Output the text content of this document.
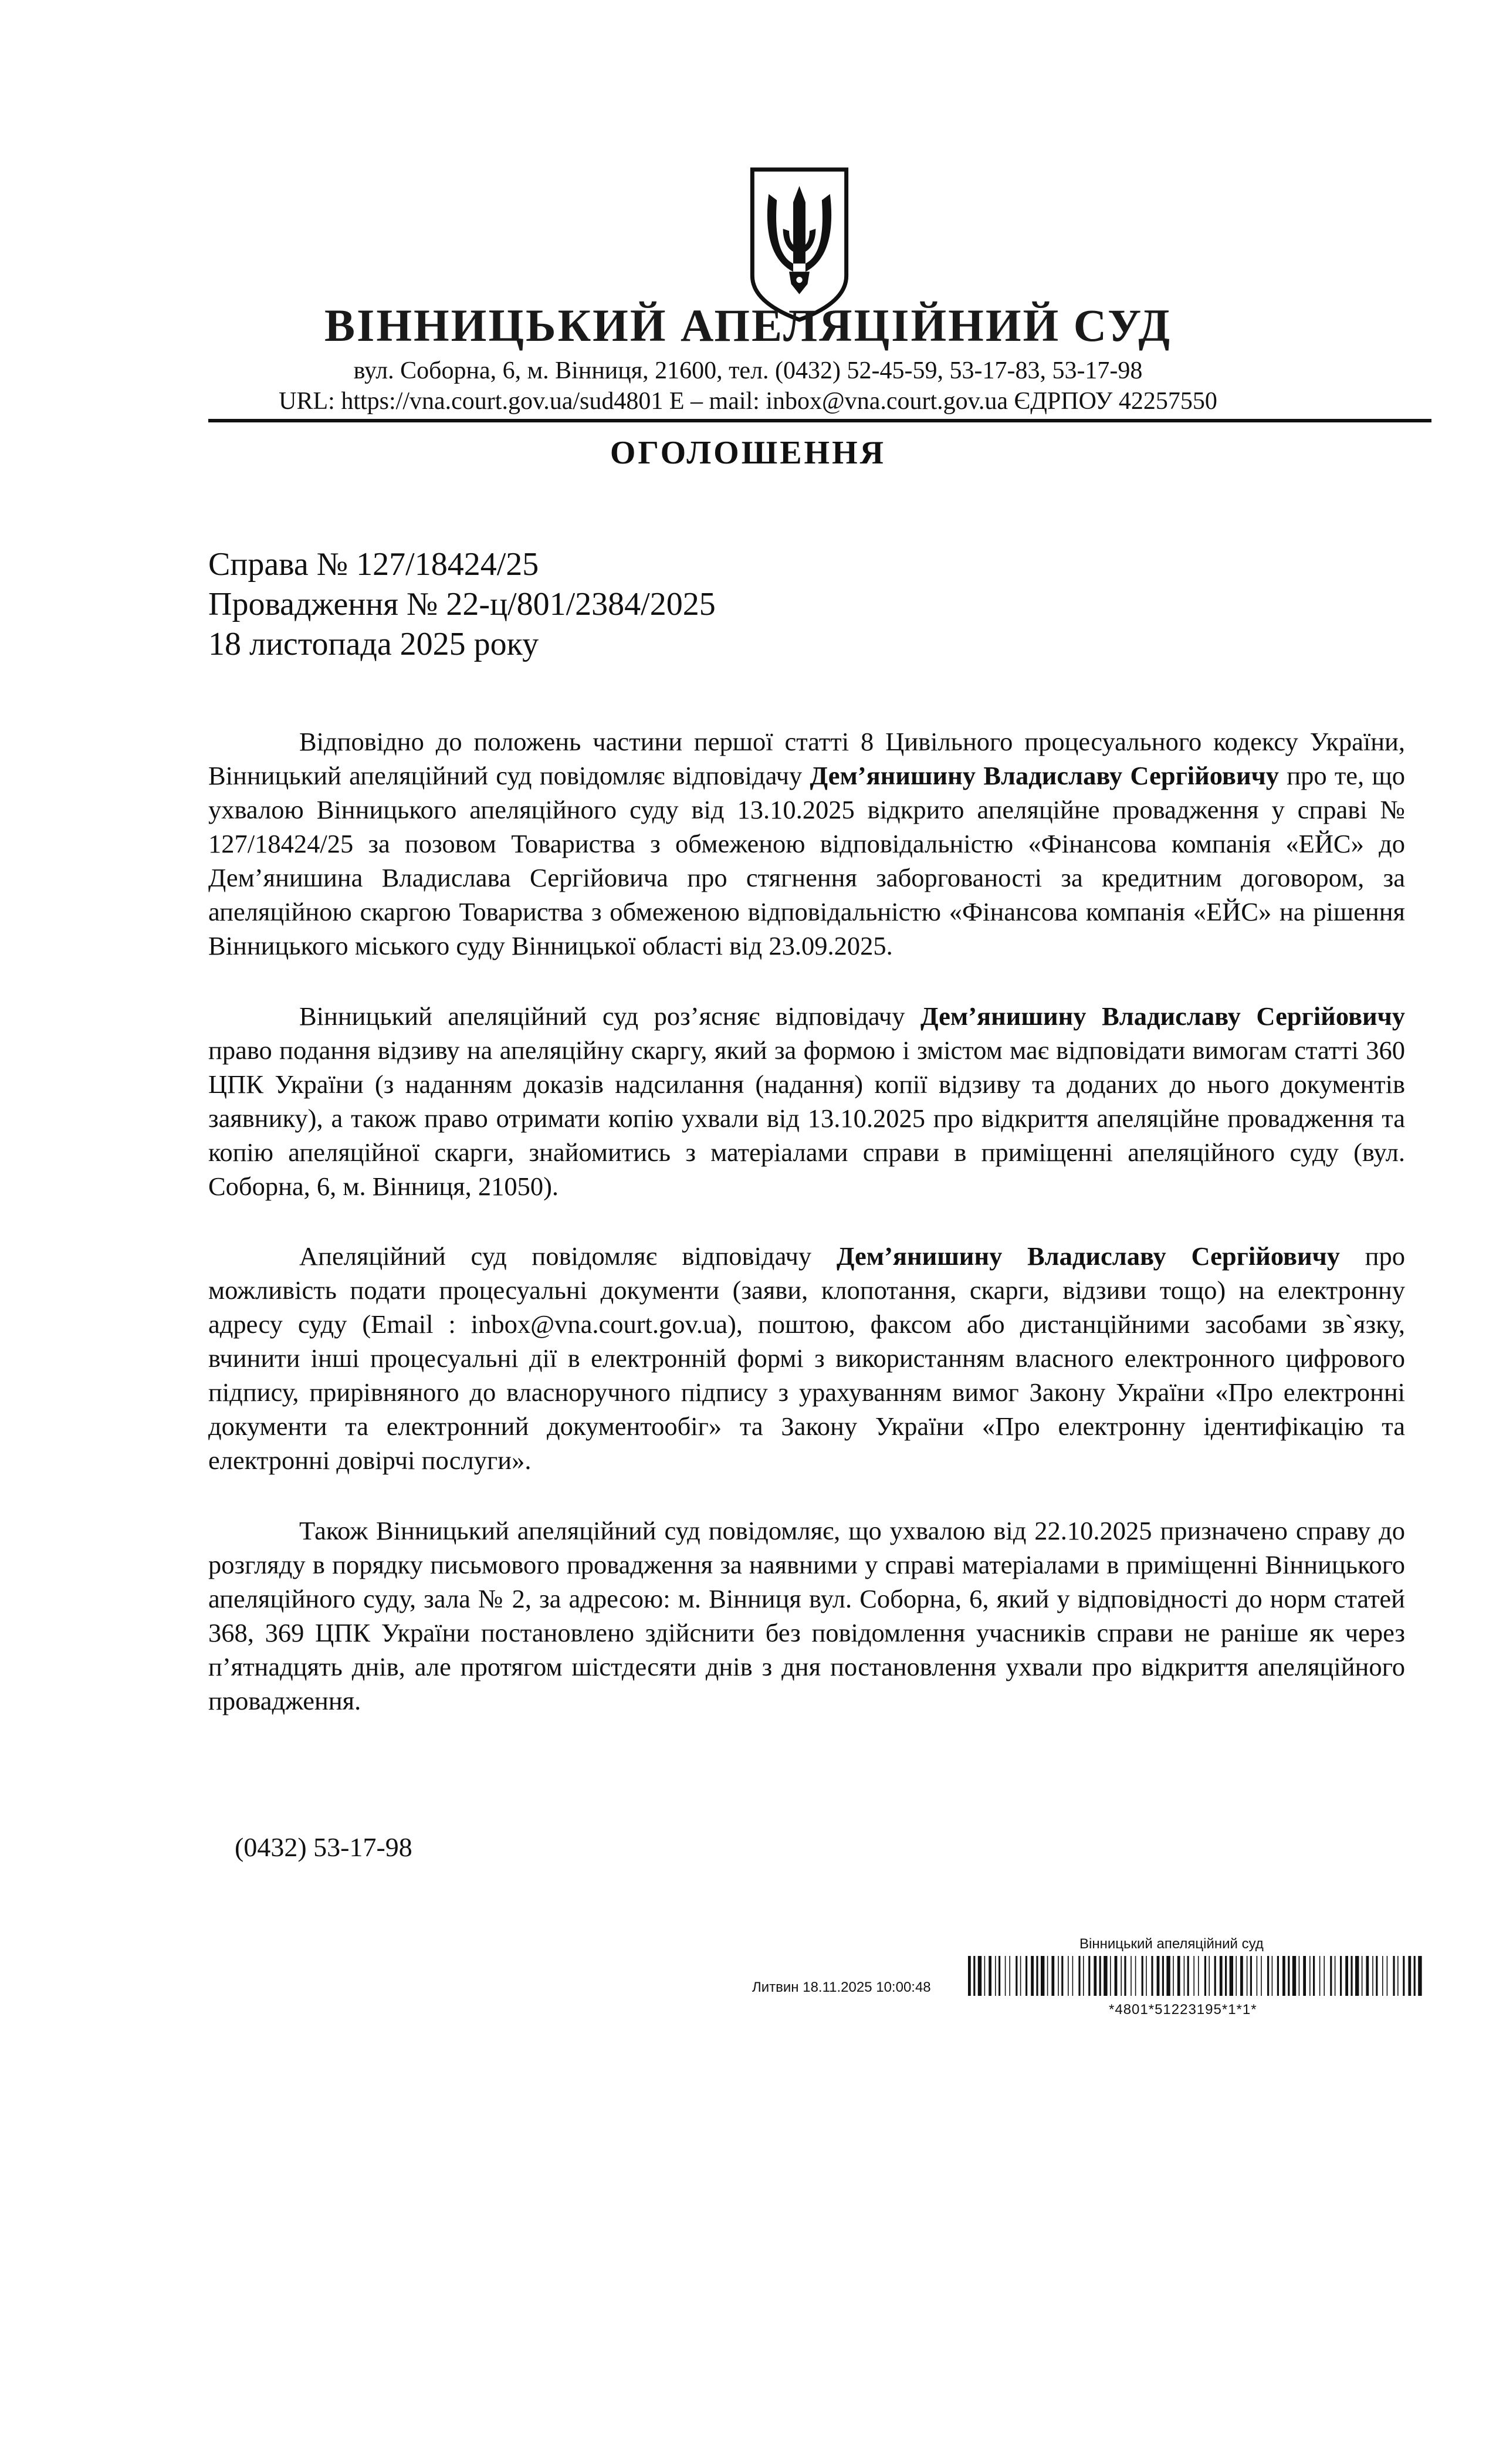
ВІННИЦЬКИЙ АПЕЛЯЦІЙНИЙ СУД
вул. Соборна, 6, м. Вінниця, 21600, тел. (0432) 52-45-59, 53-17-83, 53-17-98
URL: https://vna.court.gov.ua/sud4801 E – mail: inbox@vna.court.gov.ua ЄДРПОУ 42257550
ОГОЛОШЕННЯ
Справа № 127/18424/25
Провадження № 22-ц/801/2384/2025
18 листопада 2025 року

Відповідно до положень частини першої статті 8 Цивільного процесуального кодексу України, Вінницький апеляційний суд повідомляє відповідачу Дем’янишину Владиславу Сергійовичу про те, що ухвалою Вінницького апеляційного суду від 13.10.2025 відкрито апеляційне провадження у справі № 127/18424/25 за позовом Товариства з обмеженою відповідальністю «Фінансова компанія «ЕЙС» до Дем’янишина Владислава Сергійовича про стягнення заборгованості за кредитним договором, за апеляційною скаргою Товариства з обмеженою відповідальністю «Фінансова компанія «ЕЙС» на рішення Вінницького міського суду Вінницької області від 23.09.2025.

Вінницький апеляційний суд роз’ясняє відповідачу Дем’янишину Владиславу Сергійовичу право подання відзиву на апеляційну скаргу, який за формою і змістом має відповідати вимогам статті 360 ЦПК України (з наданням доказів надсилання (надання) копії відзиву та доданих до нього документів заявнику), а також право отримати копію ухвали від 13.10.2025 про відкриття апеляційне провадження та копію апеляційної скарги, знайомитись з матеріалами справи в приміщенні апеляційного суду (вул. Соборна, 6, м. Вінниця, 21050).

Апеляційний суд повідомляє відповідачу Дем’янишину Владиславу Сергійовичу про можливість подати процесуальні документи (заяви, клопотання, скарги, відзиви тощо) на електронну адресу суду (Email : inbox@vna.court.gov.ua), поштою, факсом або дистанційними засобами зв`язку, вчинити інші процесуальні дії в електронній формі з використанням власного електронного цифрового підпису, прирівняного до власноручного підпису з урахуванням вимог Закону України «Про електронні документи та електронний документообіг» та Закону України «Про електронну ідентифікацію та електронні довірчі послуги».

Також Вінницький апеляційний суд повідомляє, що ухвалою від 22.10.2025 призначено справу до розгляду в порядку письмового провадження за наявними у справі матеріалами в приміщенні Вінницького апеляційного суду, зала № 2, за адресою: м. Вінниця вул. Соборна, 6, який у відповідності до норм статей 368, 369 ЦПК України постановлено здійснити без повідомлення учасників справи не раніше як через п’ятнадцять днів, але протягом шістдесяти днів з дня постановлення ухвали про відкриття апеляційного провадження.

(0432) 53-17-98
Вінницький апеляційний суд
Литвин 18.11.2025 10:00:48
*4801*51223195*1*1*
